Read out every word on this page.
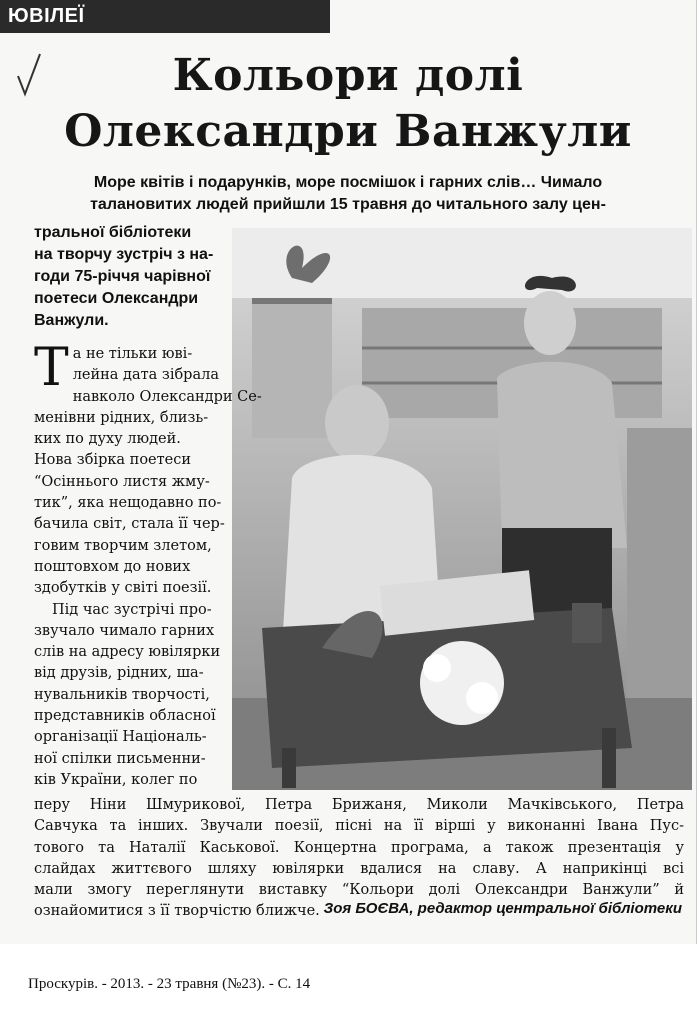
ЮВІЛЕЇ
Кольори долі
Олександри Ванжули
Море квітів і подарунків, море посмішок і гарних слів… Чимало
талановитих людей прийшли 15 травня до читального залу цен-
тральної бібліотеки
на творчу зустріч з на-
годи 75-річчя чарівної
поетеси Олександри
Ванжули.
Т а не тільки юві-
лейна дата зібрала
навколо Олександри Се-
менівни рідних, близь-
ких по духу людей.
Нова збірка поетеси
“Осіннього листя жму-
тик”, яка нещодавно по-
бачила світ, стала її чер-
говим творчим злетом,
поштовхом до нових
здобутків у світі поезії.
Під час зустрічі про-
звучало чимало гарних
слів на адресу ювілярки
від друзів, рідних, ша-
нувальників творчості,
представників обласної
організації Національ-
ної спілки письменни-
ків України, колег по
перу Ніни Шмурикової, Петра Брижаня, Миколи Мачківського, Петра
Савчука та інших. Звучали поезії, пісні на її вірші у виконанні Івана Пус-
тового та Наталії Каськової. Концертна програма, а також презентація у
слайдах життєвого шляху ювілярки вдалися на славу. А наприкінці всі
мали змогу переглянути виставку “Кольори долі Олександри Ванжули” й
ознайомитися з її творчістю ближче. Зоя БОЄВА, редактор центральної бібліотеки
Проскурів. - 2013. - 23 травня (№23). - С. 14
